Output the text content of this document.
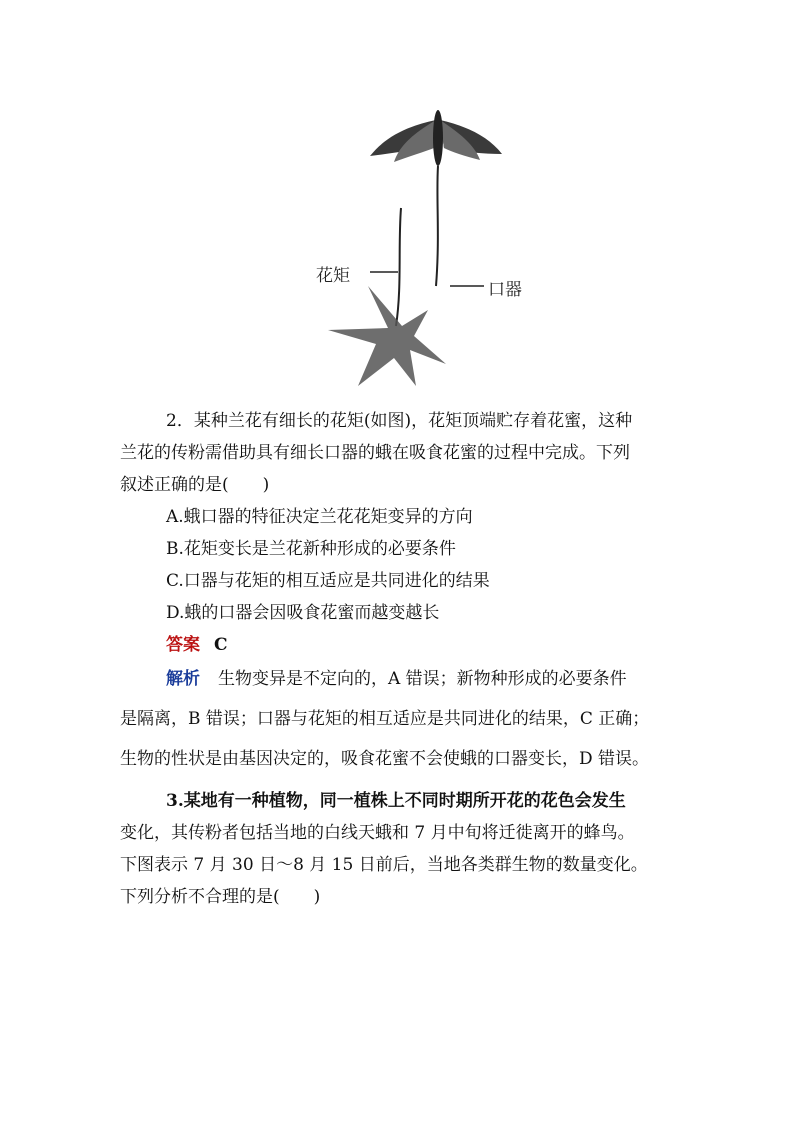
花矩
口器
2．某种兰花有细长的花矩(如图)，花矩顶端贮存着花蜜，这种
兰花的传粉需借助具有细长口器的蛾在吸食花蜜的过程中完成。下列
叙述正确的是(　　)
A.蛾口器的特征决定兰花花矩变异的方向
B.花矩变长是兰花新种形成的必要条件
C.口器与花矩的相互适应是共同进化的结果
D.蛾的口器会因吸食花蜜而越变越长
答案 C
解析 生物变异是不定向的，A 错误；新物种形成的必要条件
是隔离，B 错误；口器与花矩的相互适应是共同进化的结果，C 正确；
生物的性状是由基因决定的，吸食花蜜不会使蛾的口器变长，D 错误。
3.某地有一种植物，同一植株上不同时期所开花的花色会发生
变化，其传粉者包括当地的白线天蛾和 7 月中旬将迁徙离开的蜂鸟。
下图表示 7 月 30 日～8 月 15 日前后，当地各类群生物的数量变化。
下列分析不合理的是(　　)
